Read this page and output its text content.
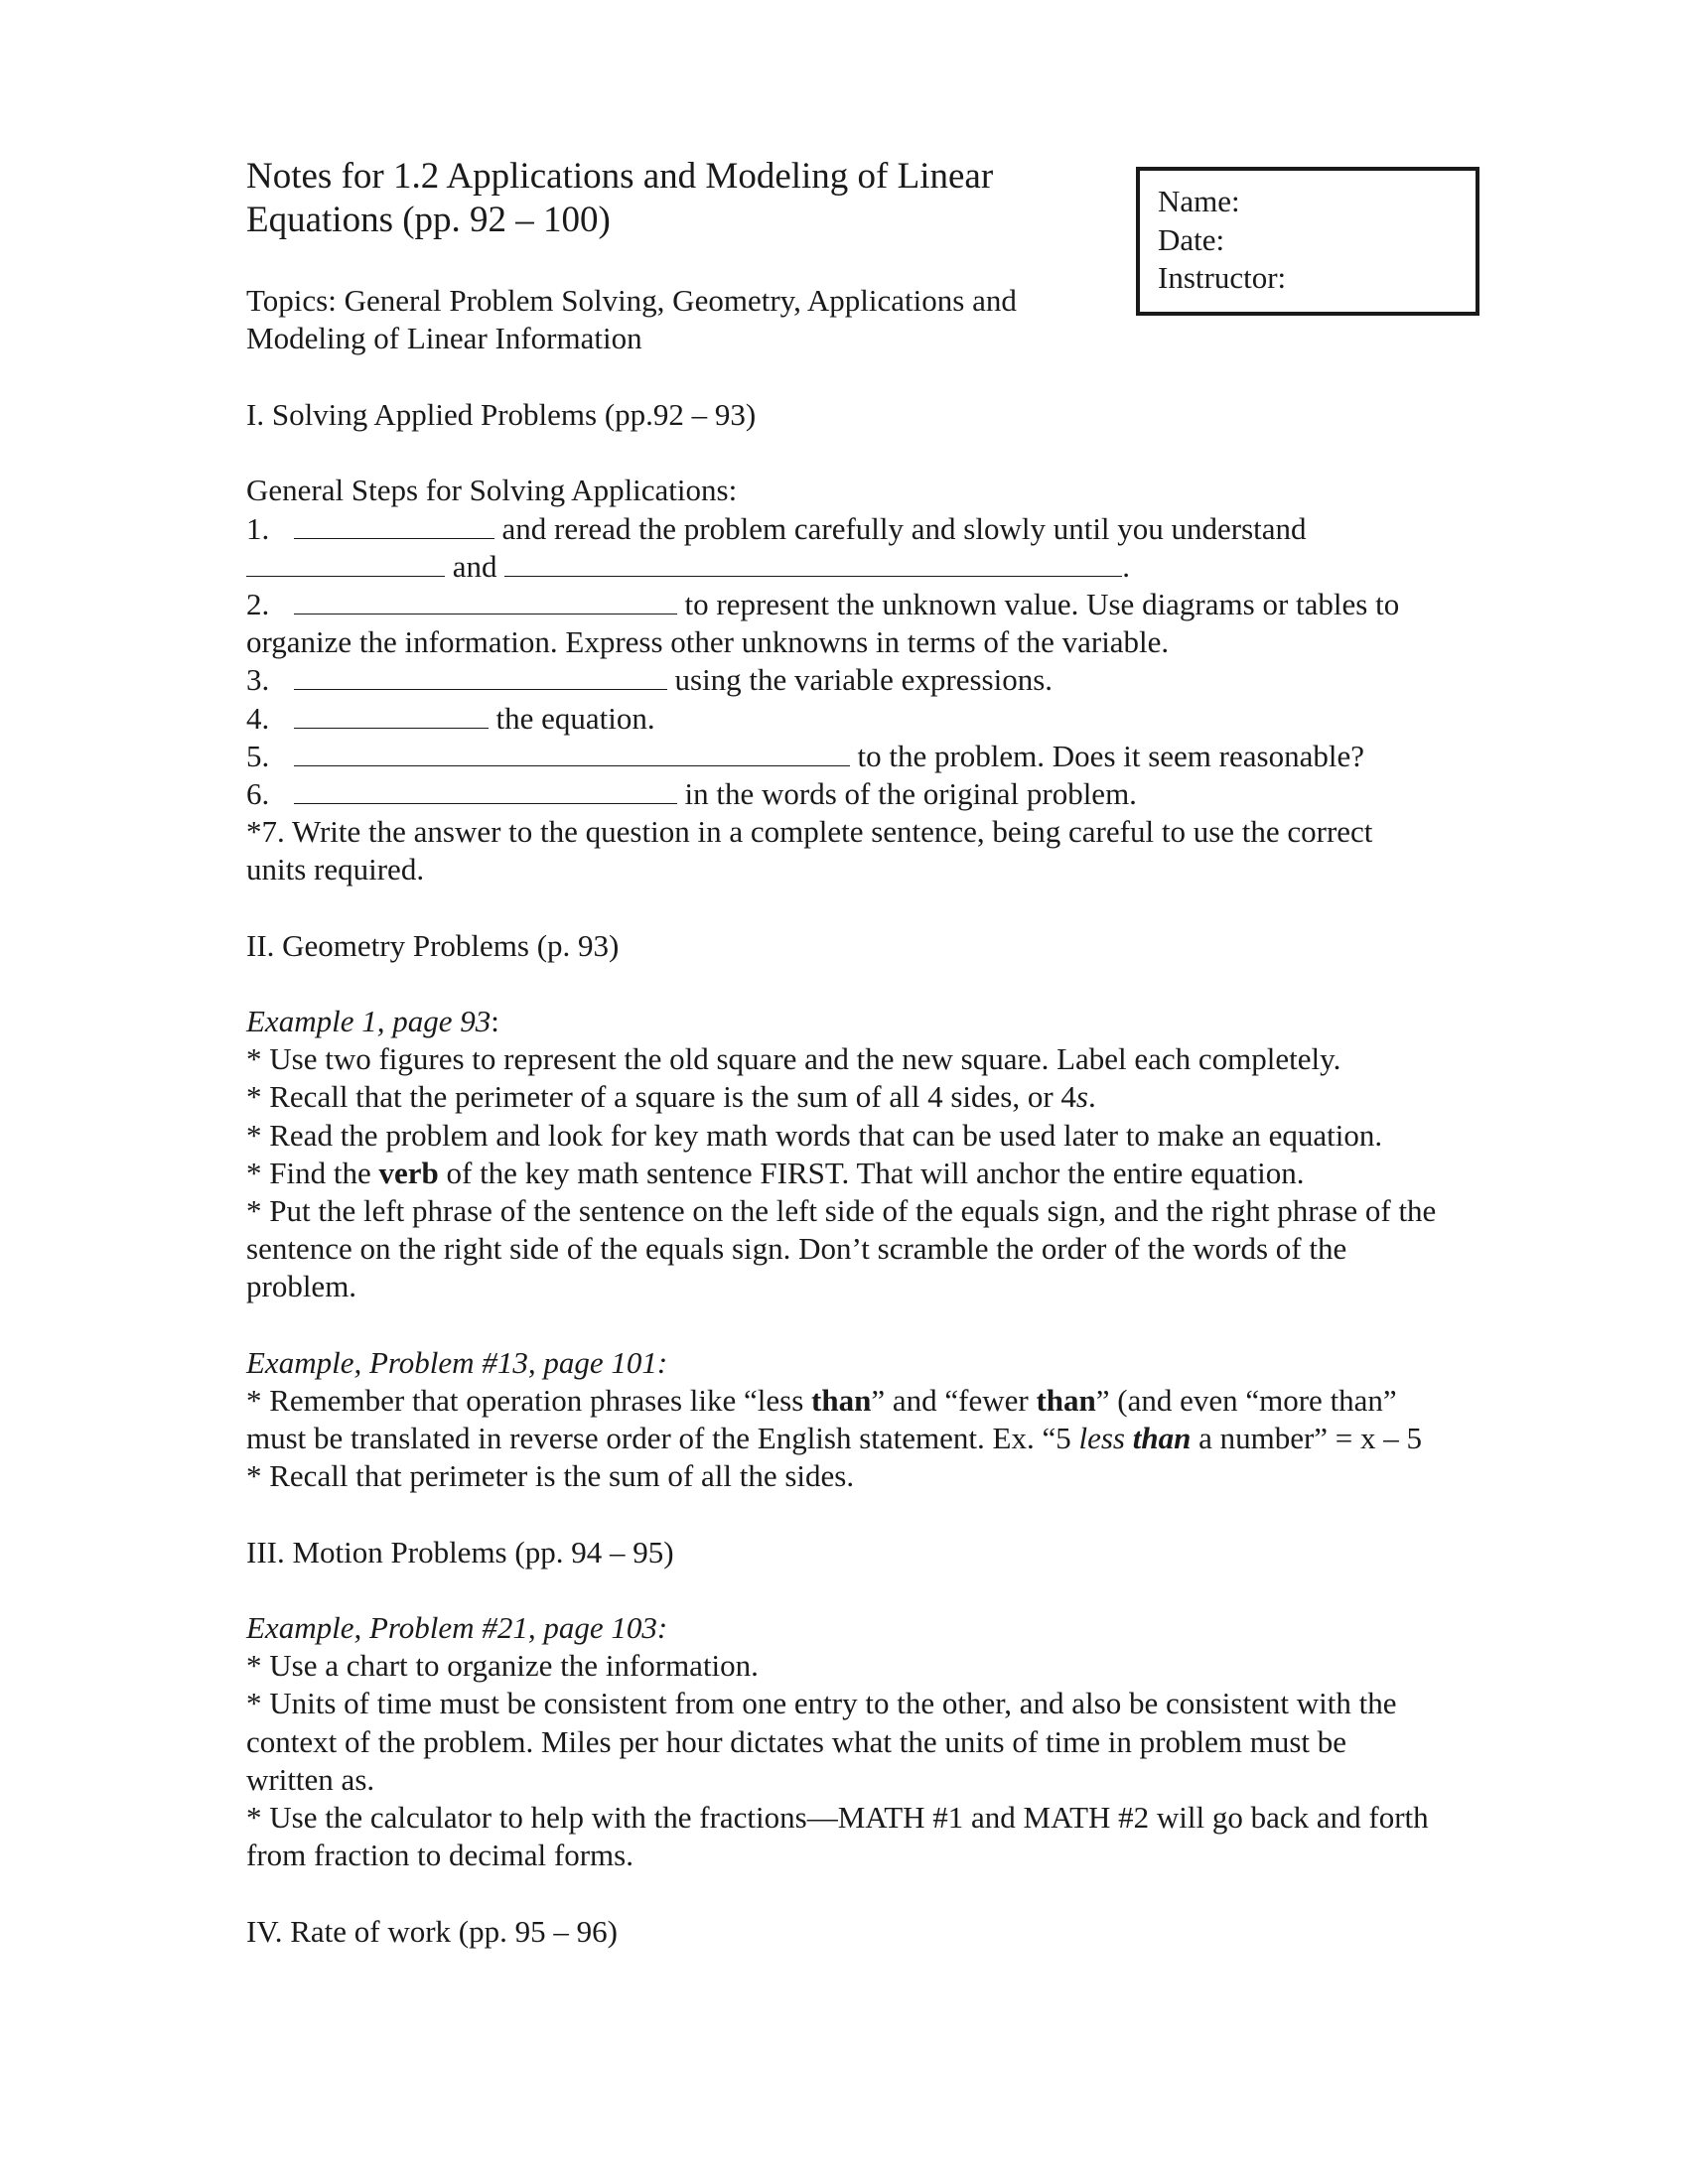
Notes for 1.2 Applications and Modeling of Linear
Equations (pp. 92 – 100)	Name:
Date:
Instructor:
Topics: General Problem Solving, Geometry, Applications and
Modeling of Linear Information
I. Solving Applied Problems (pp.92 – 93)
General Steps for Solving Applications:
1.	and reread the problem carefully and slowly until you understand
and	.
2.	to represent the unknown value. Use diagrams or tables to
organize the information. Express other unknowns in terms of the variable.
3.	using the variable expressions.
4.	the equation.
5.	to the problem. Does it seem reasonable?
6.	in the words of the original problem.
*7. Write the answer to the question in a complete sentence, being careful to use the correct
units required.
II. Geometry Problems (p. 93)
Example 1, page 93:
* Use two figures to represent the old square and the new square. Label each completely.
* Recall that the perimeter of a square is the sum of all 4 sides, or 4s.
* Read the problem and look for key math words that can be used later to make an equation.
* Find the verb of the key math sentence FIRST. That will anchor the entire equation.
* Put the left phrase of the sentence on the left side of the equals sign, and the right phrase of the
sentence on the right side of the equals sign. Don’t scramble the order of the words of the
problem.
Example, Problem #13, page 101:
* Remember that operation phrases like “less than” and “fewer than” (and even “more than”
must be translated in reverse order of the English statement. Ex. “5 less than a number” = x – 5
* Recall that perimeter is the sum of all the sides.
III. Motion Problems (pp. 94 – 95)
Example, Problem #21, page 103:
* Use a chart to organize the information.
* Units of time must be consistent from one entry to the other, and also be consistent with the
context of the problem. Miles per hour dictates what the units of time in problem must be
written as.
* Use the calculator to help with the fractions—MATH #1 and MATH #2 will go back and forth
from fraction to decimal forms.
IV. Rate of work (pp. 95 – 96)
